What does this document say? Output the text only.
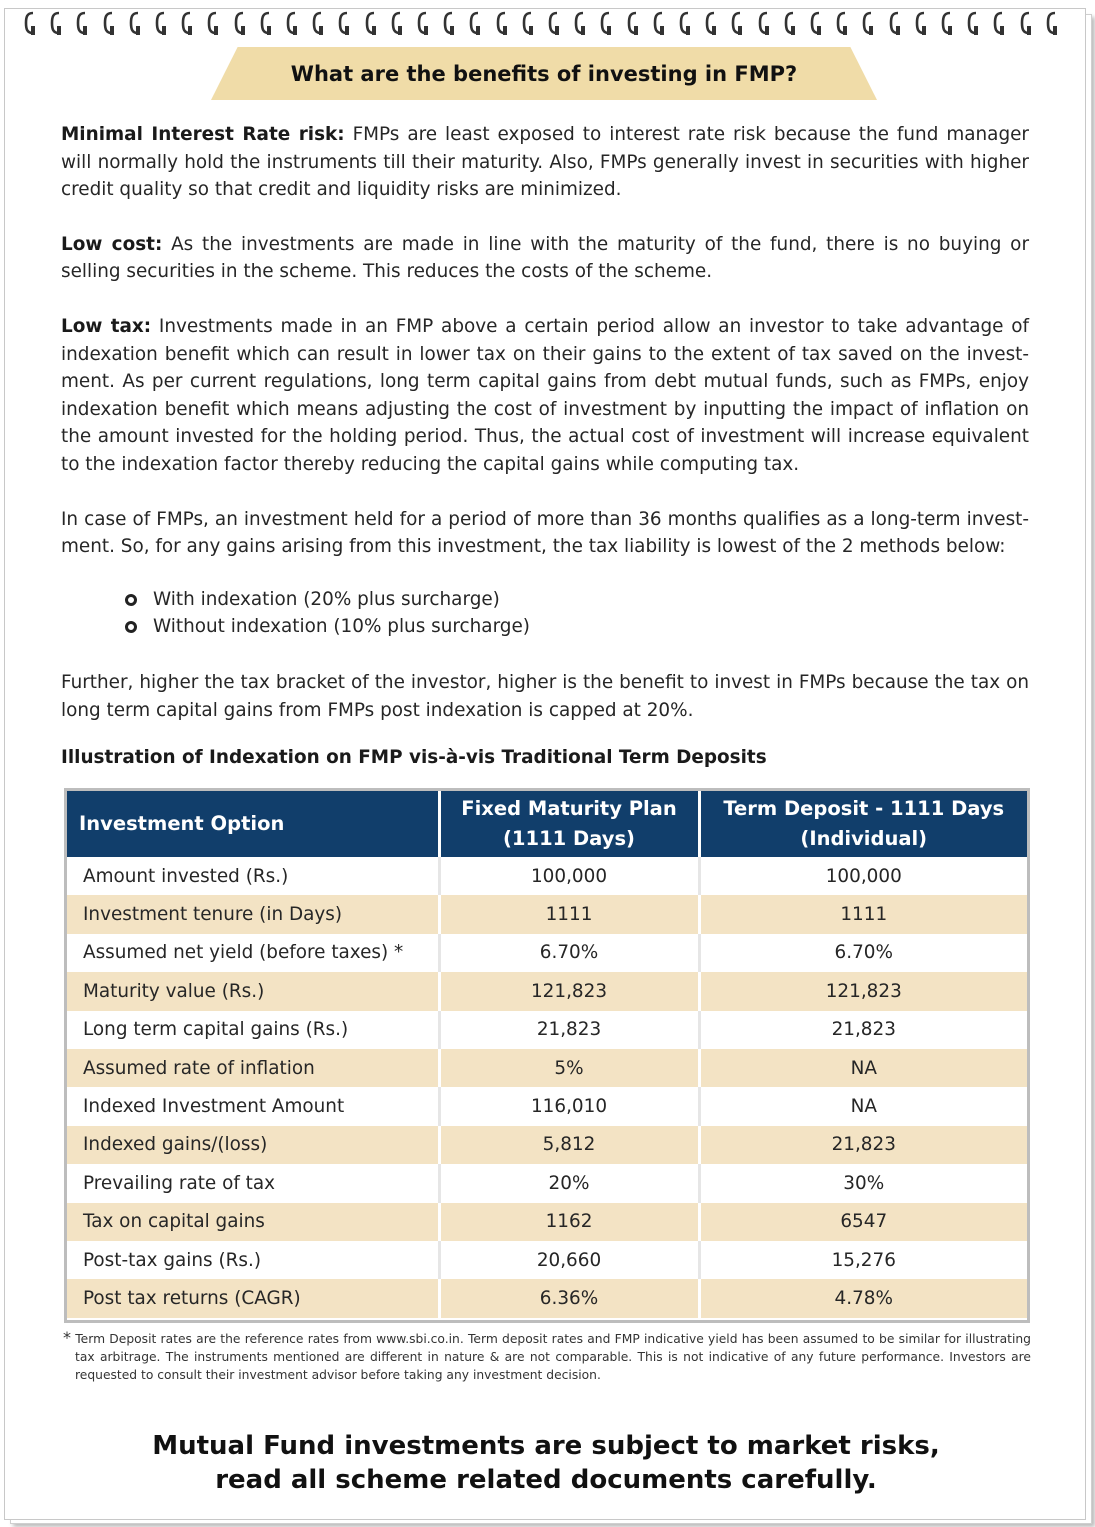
What are the benefits of investing in FMP?

Minimal Interest Rate risk: FMPs are least exposed to interest rate risk because the fund manager will normally hold the instruments till their maturity. Also, FMPs generally invest in securities with higher credit quality so that credit and liquidity risks are minimized.

Low cost: As the investments are made in line with the maturity of the fund, there is no buying or selling securities in the scheme. This reduces the costs of the scheme.

Low tax: Investments made in an FMP above a certain period allow an investor to take advantage of indexation benefit which can result in lower tax on their gains to the extent of tax saved on the invest-ment. As per current regulations, long term capital gains from debt mutual funds, such as FMPs, enjoy indexation benefit which means adjusting the cost of investment by inputting the impact of inflation on the amount invested for the holding period. Thus, the actual cost of investment will increase equivalent to the indexation factor thereby reducing the capital gains while computing tax.

In case of FMPs, an investment held for a period of more than 36 months qualifies as a long-term invest-ment. So, for any gains arising from this investment, the tax liability is lowest of the 2 methods below:

With indexation (20% plus surcharge)
Without indexation (10% plus surcharge)

Further, higher the tax bracket of the investor, higher is the benefit to invest in FMPs because the tax on long term capital gains from FMPs post indexation is capped at 20%.

Illustration of Indexation on FMP vis-à-vis Traditional Term Deposits
Investment Option	Fixed Maturity Plan (1111 Days)	Term Deposit - 1111 Days (Individual)
Amount invested (Rs.)	100,000	100,000
Investment tenure (in Days)	1111	1111
Assumed net yield (before taxes) *	6.70%	6.70%
Maturity value (Rs.)	121,823	121,823
Long term capital gains (Rs.)	21,823	21,823
Assumed rate of inflation	5%	NA
Indexed Investment Amount	116,010	NA
Indexed gains/(loss)	5,812	21,823
Prevailing rate of tax	20%	30%
Tax on capital gains	1162	6547
Post-tax gains (Rs.)	20,660	15,276
Post tax returns (CAGR)	6.36%	4.78%

* Term Deposit rates are the reference rates from www.sbi.co.in. Term deposit rates and FMP indicative yield has been assumed to be similar for illustrating tax arbitrage. The instruments mentioned are different in nature & are not comparable. This is not indicative of any future performance. Investors are requested to consult their investment advisor before taking any investment decision.

Mutual Fund investments are subject to market risks,
read all scheme related documents carefully.
